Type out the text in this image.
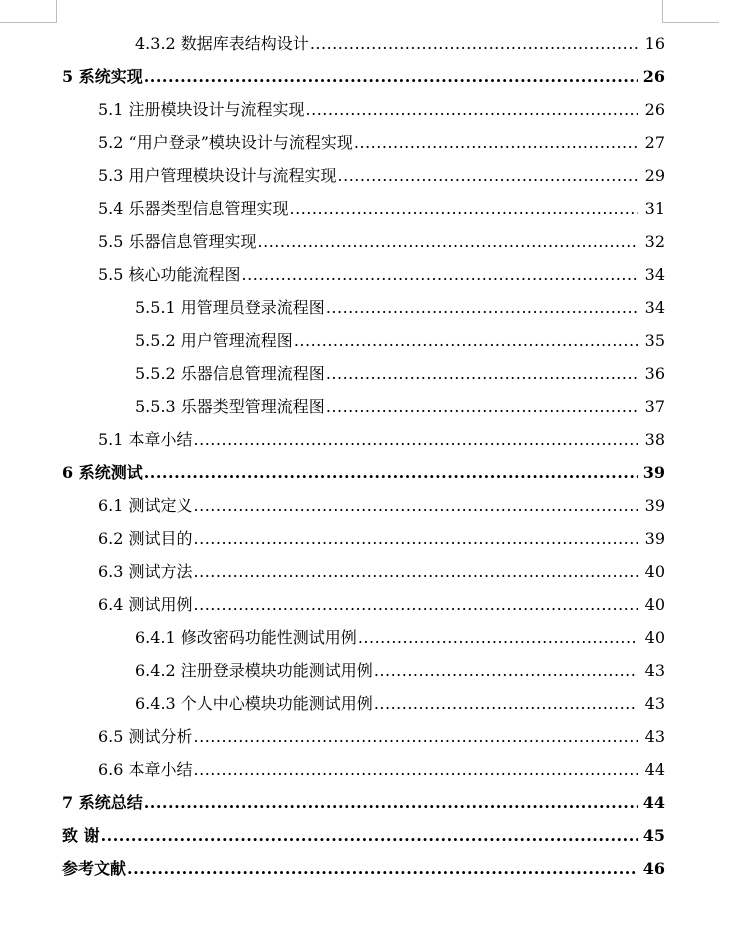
4.3.2 数据库表结构设计 .....	16
5 系统实现 .....	26
5.1 注册模块设计与流程实现 .....	26
5.2 “用户登录”模块设计与流程实现 .....	27
5.3 用户管理模块设计与流程实现 .....	29
5.4 乐器类型信息管理实现 .....	31
5.5 乐器信息管理实现 .....	32
5.5 核心功能流程图 .....	34
5.5.1 用管理员登录流程图 .....	34
5.5.2 用户管理流程图 .....	35
5.5.2 乐器信息管理流程图 .....	36
5.5.3 乐器类型管理流程图 .....	37
5.1 本章小结 .....	38
6 系统测试 .....	39
6.1 测试定义 .....	39
6.2 测试目的 .....	39
6.3 测试方法 .....	40
6.4 测试用例 .....	40
6.4.1 修改密码功能性测试用例 .....	40
6.4.2 注册登录模块功能测试用例 .....	43
6.4.3 个人中心模块功能测试用例 .....	43
6.5 测试分析 .....	43
6.6 本章小结 .....	44
7 系统总结 .....	44
致 谢 .....	45
参考文献 .....	46
